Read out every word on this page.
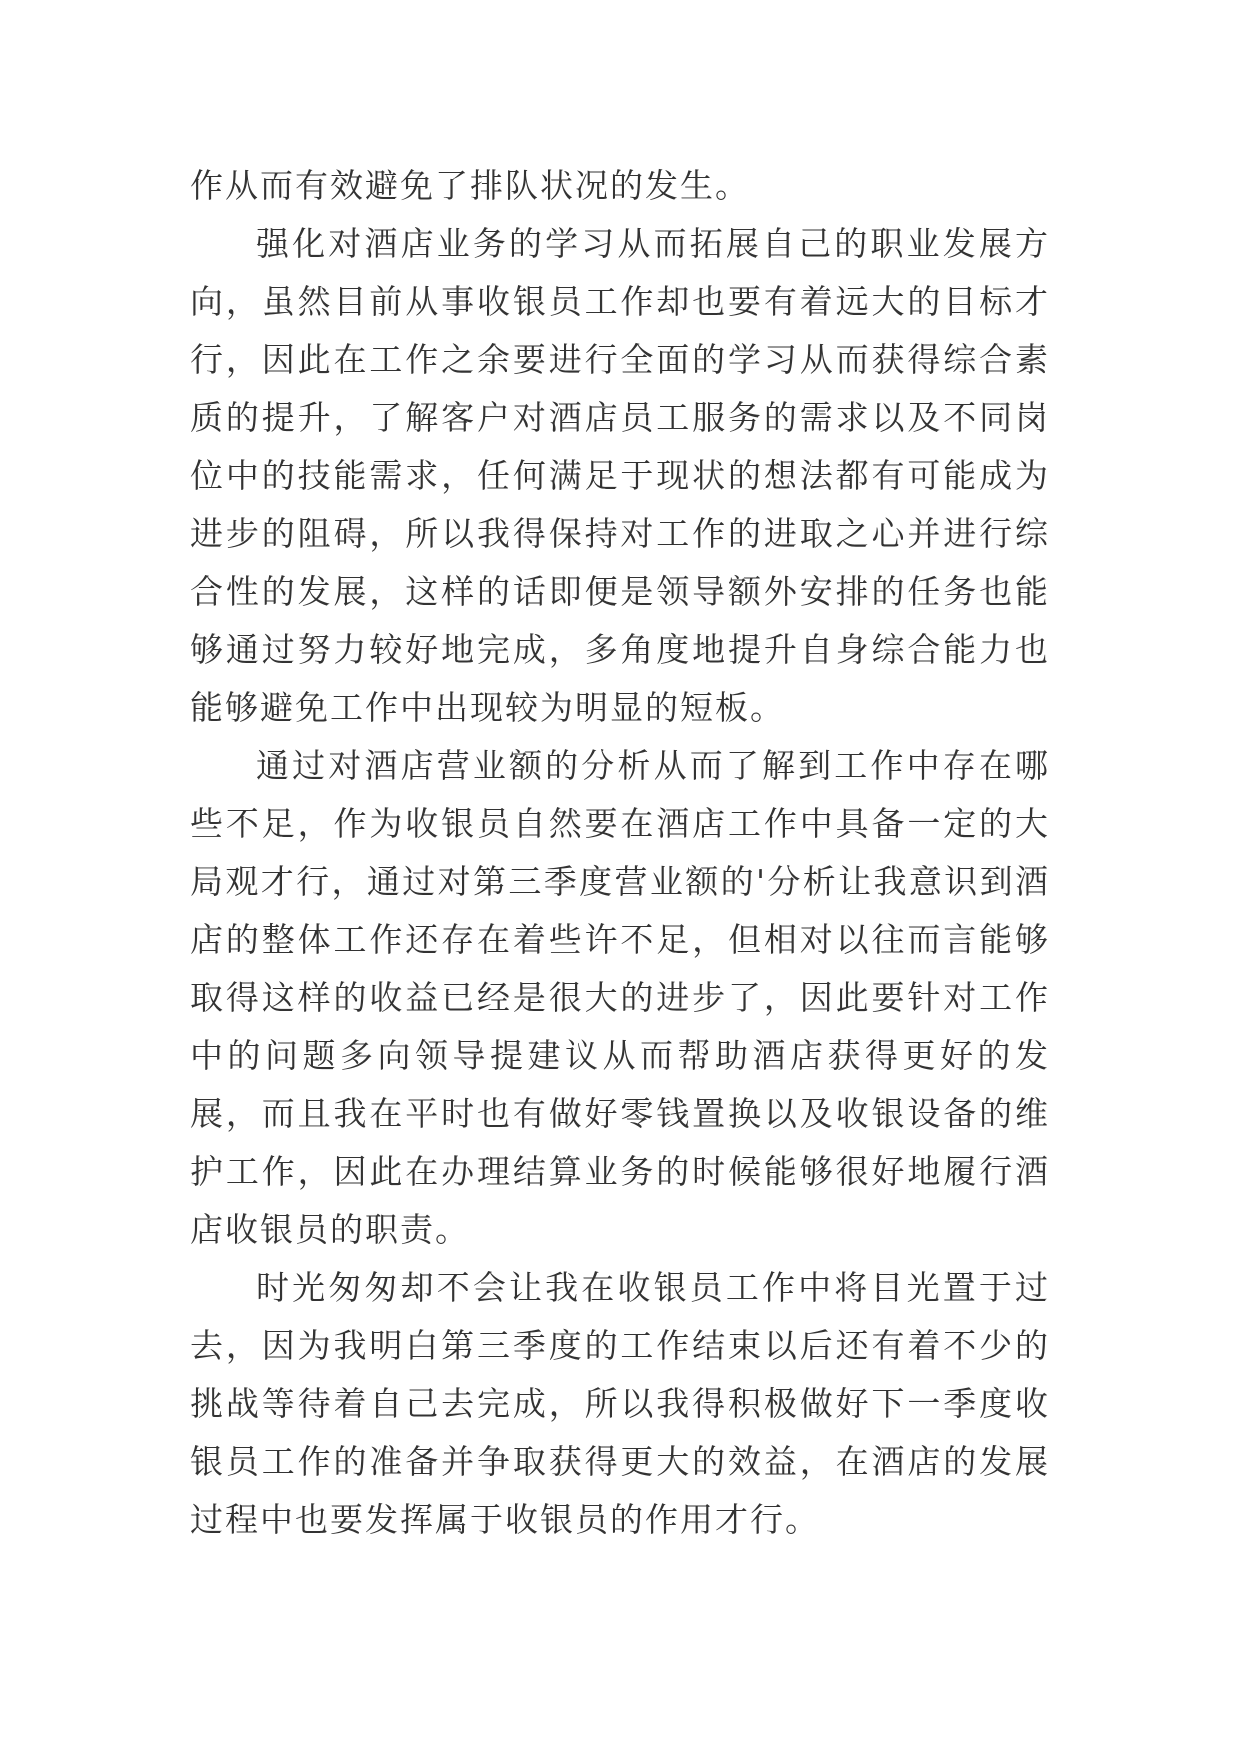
作从而有效避免了排队状况的发生。

强化对酒店业务的学习从而拓展自己的职业发展方向，虽然目前从事收银员工作却也要有着远大的目标才行，因此在工作之余要进行全面的学习从而获得综合素质的提升，了解客户对酒店员工服务的需求以及不同岗位中的技能需求，任何满足于现状的想法都有可能成为进步的阻碍，所以我得保持对工作的进取之心并进行综合性的发展，这样的话即便是领导额外安排的任务也能够通过努力较好地完成，多角度地提升自身综合能力也能够避免工作中出现较为明显的短板。

通过对酒店营业额的分析从而了解到工作中存在哪些不足，作为收银员自然要在酒店工作中具备一定的大局观才行，通过对第三季度营业额的'分析让我意识到酒店的整体工作还存在着些许不足，但相对以往而言能够取得这样的收益已经是很大的进步了，因此要针对工作中的问题多向领导提建议从而帮助酒店获得更好的发展，而且我在平时也有做好零钱置换以及收银设备的维护工作，因此在办理结算业务的时候能够很好地履行酒店收银员的职责。

时光匆匆却不会让我在收银员工作中将目光置于过去，因为我明白第三季度的工作结束以后还有着不少的挑战等待着自己去完成，所以我得积极做好下一季度收银员工作的准备并争取获得更大的效益，在酒店的发展过程中也要发挥属于收银员的作用才行。
